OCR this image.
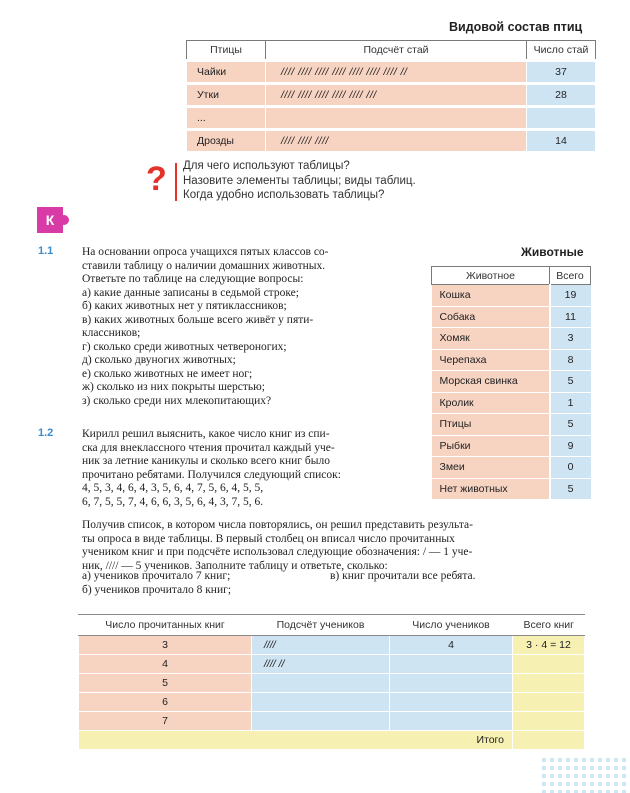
Видовой состав птиц
Птицы	Подсчёт стай	Число стай
Чайки	//// //// //// //// //// //// //// //	37
Утки	//// //// //// //// //// ///	28
...		
Дрозды	//// //// ////	14
? Для чего используют таблицы?
Назовите элементы таблицы; виды таблиц.
Когда удобно использовать таблицы?
К
1.1 На основании опроса учащихся пятых классов со-
ставили таблицу о наличии домашних животных.
Ответьте по таблице на следующие вопросы:
а) какие данные записаны в седьмой строке;
б) каких животных нет у пятиклассников;
в) каких животных больше всего живёт у пяти-
классников;
г) сколько среди животных четвероногих;
д) сколько двуногих животных;
е) сколько животных не имеет ног;
ж) сколько из них покрыты шерстью;
з) сколько среди них млекопитающих?
Животные
Животное	Всего
Кошка	19
Собака	11
Хомяк	3
Черепаха	8
Морская свинка	5
Кролик	1
Птицы	5
Рыбки	9
Змеи	0
Нет животных	5
1.2 Кирилл решил выяснить, какое число книг из спи-
ска для внеклассного чтения прочитал каждый уче-
ник за летние каникулы и сколько всего книг было
прочитано ребятами. Получился следующий список:
4, 5, 3, 4, 6, 4, 3, 5, 6, 4, 7, 5, 6, 4, 5, 5,
6, 7, 5, 5, 7, 4, 6, 6, 3, 5, 6, 4, 3, 7, 5, 6.
Получив список, в котором числа повторялись, он решил представить результа-
ты опроса в виде таблицы. В первый столбец он вписал число прочитанных
учеником книг и при подсчёте использовал следующие обозначения: / — 1 уче-
ник, //// — 5 учеников. Заполните таблицу и ответьте, сколько:
а) учеников прочитало 7 книг;	в) книг прочитали все ребята.
б) учеников прочитало 8 книг;
Число прочитанных книг	Подсчёт учеников	Число учеников	Всего книг
3	////	4	3 · 4 = 12
4	//// //		
5			
6			
7			
Итого			
